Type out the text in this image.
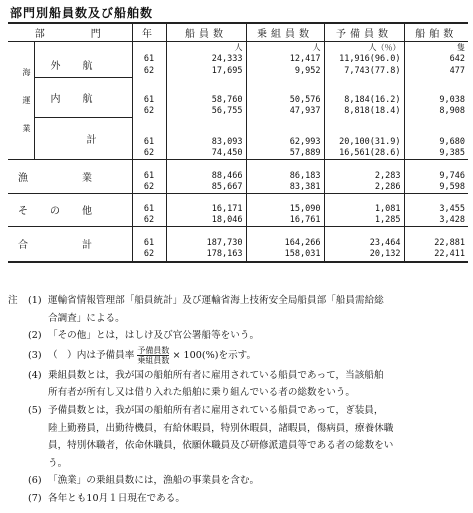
部門別船員数及び船舶数
部　　　門		年	船員数	乗組員数	予備員数	船舶数

海
運
業			人	人	人（％）	隻
	外　航	61	24,333	12,417	11,916(96.0)	642
		62	17,695	9,952	7,743(77.8)	477
	内　航	61	58,760	50,576	8,184(16.2)	9,038
		62	56,755	47,937	8,818(18.4)	8,908
	計	61	83,093	62,993	20,100(31.9)	9,680
		62	74,450	57,889	16,561(28.6)	9,385
漁　　　業		61	88,466	86,183	2,283	9,746
		62	85,667	83,381	2,286	9,598
そ　の　他		61	16,171	15,090	1,081	3,455
		62	18,046	16,761	1,285	3,428
合　　　計		61	187,730	164,266	23,464	22,881
		62	178,163	158,031	20,132	22,411
注	(1) 運輸省情報管理部「船員統計」及び運輸省海上技術安全局船員部「船員需給総
合調査」による。
(2) 「その他」とは，はしけ及び官公署船等をいう。
(3) （　）内は予備員率 $\frac{\text{予備員数}}{\text{乗組員数}} \times 100(\%)$を示す。
(4) 乗組員数とは，我が国の船舶所有者に雇用されている船員であって，当該船舶
所有者が所有し又は借り入れた船舶に乗り組んでいる者の総数をいう。
(5) 予備員数とは，我が国の船舶所有者に雇用されている船員であって，ぎ装員，
陸上勤務員，出勤待機員，有給休暇員，特別休暇員，諸暇員，傷病員，療養休職
員，特別休職者，依命休職員，依願休職員及び研修派遣員等である者の総数をい
う。
(6) 「漁業」の乗組員数には，漁船の事業員を含む。
(7) 各年とも10月１日現在である。
